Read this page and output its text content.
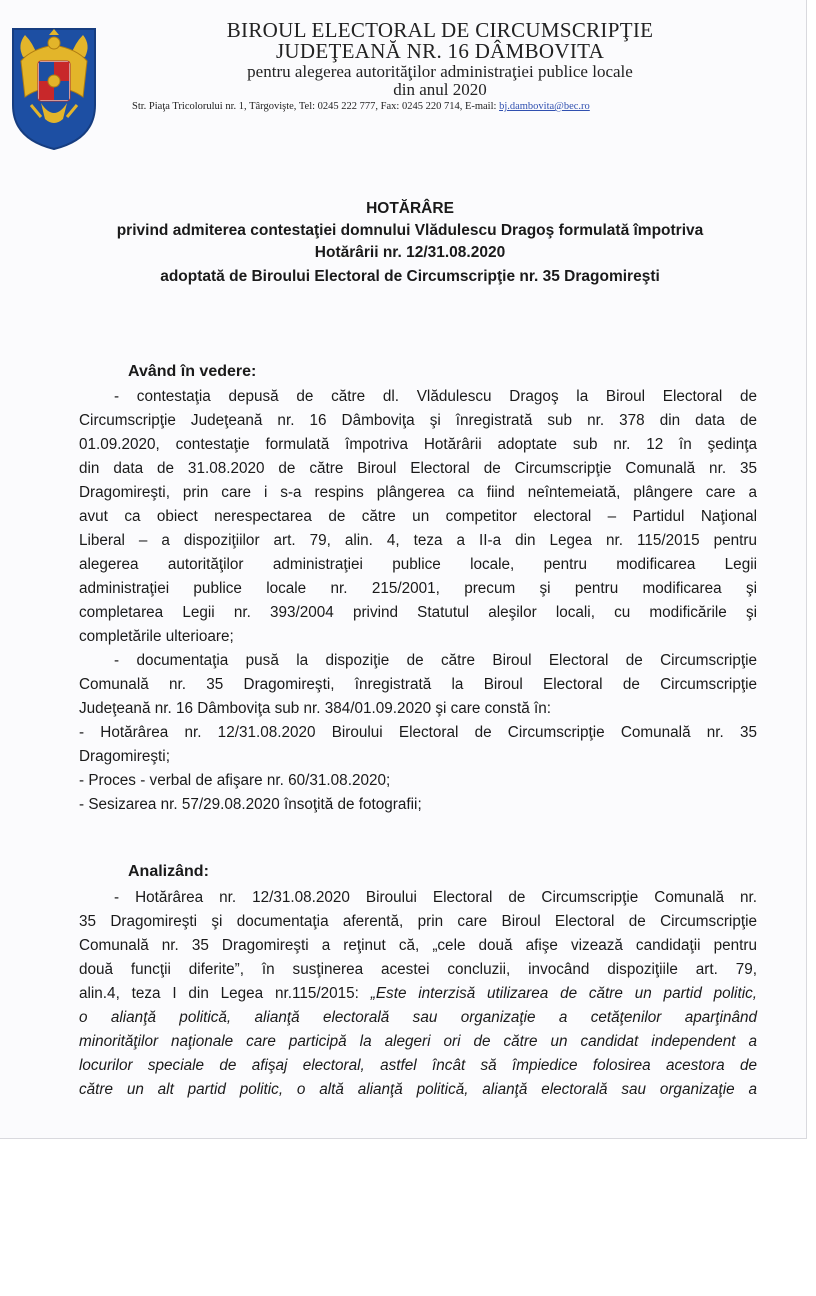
BIROUL ELECTORAL DE CIRCUMSCRIPŢIE
JUDEŢEANĂ NR. 16 DÂMBOVITA
pentru alegerea autorităţilor administraţiei publice locale
din anul 2020
Str. Piaţa Tricolorului nr. 1, Târgovişte, Tel: 0245 222 777, Fax: 0245 220 714, E-mail: bj.dambovita@bec.ro
HOTĂRÂRE
privind admiterea contestaţiei domnului Vlădulescu Dragoş formulată împotriva
Hotărârii nr. 12/31.08.2020
adoptată de Biroului Electoral de Circumscripţie nr. 35 Dragomireşti
Având în vedere:
- contestaţia depusă de către dl. Vlădulescu Dragoş la Biroul Electoral de
Circumscripţie Judeţeană nr. 16 Dâmboviţa şi înregistrată sub nr. 378 din data de
01.09.2020, contestaţie formulată împotriva Hotărârii adoptate sub nr. 12 în şedinţa
din data de 31.08.2020 de către Biroul Electoral de Circumscripţie Comunală nr. 35
Dragomireşti, prin care i s-a respins plângerea ca fiind neîntemeiată, plângere care a
avut ca obiect nerespectarea de către un competitor electoral – Partidul Naţional
Liberal – a dispoziţiilor art. 79, alin. 4, teza a II-a din Legea nr. 115/2015 pentru
alegerea autorităţilor administraţiei publice locale, pentru modificarea Legii
administraţiei publice locale nr. 215/2001, precum şi pentru modificarea şi
completarea Legii nr. 393/2004 privind Statutul aleşilor locali, cu modificările şi
completările ulterioare;
- documentaţia pusă la dispoziţie de către Biroul Electoral de Circumscripţie
Comunală nr. 35 Dragomireşti, înregistrată la Biroul Electoral de Circumscripţie
Judeţeană nr. 16 Dâmboviţa sub nr. 384/01.09.2020 şi care constă în:
- Hotărârea nr. 12/31.08.2020 Biroului Electoral de Circumscripţie Comunală nr. 35
Dragomireşti;
- Proces - verbal de afişare nr. 60/31.08.2020;
- Sesizarea nr. 57/29.08.2020 însoţită de fotografii;
Analizând:
- Hotărârea nr. 12/31.08.2020 Biroului Electoral de Circumscripţie Comunală nr.
35 Dragomireşti şi documentaţia aferentă, prin care Biroul Electoral de Circumscripţie
Comunală nr. 35 Dragomireşti a reţinut că, „cele două afişe vizează candidaţii pentru
două funcţii diferite”, în susţinerea acestei concluzii, invocând dispoziţiile art. 79,
alin.4, teza I din Legea nr.115/2015: „Este interzisă utilizarea de către un partid politic,
o alianţă politică, alianţă electorală sau organizaţie a cetăţenilor aparţinând
minorităţilor naţionale care participă la alegeri ori de către un candidat independent a
locurilor speciale de afişaj electoral, astfel încât să împiedice folosirea acestora de
către un alt partid politic, o altă alianţă politică, alianţă electorală sau organizaţie a
